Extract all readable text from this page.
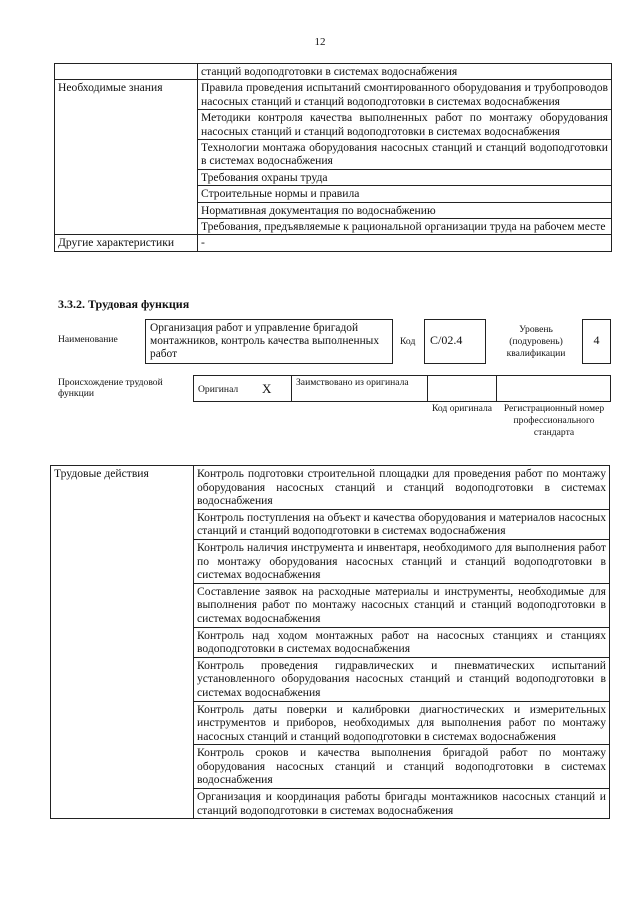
12
	станций водоподготовки в системах водоснабжения
Необходимые знания	Правила проведения испытаний смонтированного оборудования и трубопроводов насосных станций и станций водоподготовки в системах водоснабжения
	Методики контроля качества выполненных работ по монтажу оборудования насосных станций и станций водоподготовки в системах водоснабжения
	Технологии монтажа оборудования насосных станций и станций водоподготовки в системах водоснабжения
	Требования охраны труда
	Строительные нормы и правила
	Нормативная документация по водоснабжению
	Требования, предъявляемые к рациональной организации труда на рабочем месте
Другие характеристики	-
3.3.2. Трудовая функция
Наименование
Организация работ и управление бригадой монтажников, контроль качества выполненных работ
Код	С/02.4
Уровень (подуровень) квалификации
4
Происхождение трудовой функции	Оригинал X	Заимствовано из оригинала
Код оригинала	Регистрационный номер профессионального стандарта
Трудовые действия	Контроль подготовки строительной площадки для проведения работ по монтажу оборудования насосных станций и станций водоподготовки в системах водоснабжения
Контроль поступления на объект и качества оборудования и материалов насосных станций и станций водоподготовки в системах водоснабжения
Контроль наличия инструмента и инвентаря, необходимого для выполнения работ по монтажу оборудования насосных станций и станций водоподготовки в системах водоснабжения
Составление заявок на расходные материалы и инструменты, необходимые для выполнения работ по монтажу насосных станций и станций водоподготовки в системах водоснабжения
Контроль над ходом монтажных работ на насосных станциях и станциях водоподготовки в системах водоснабжения
Контроль проведения гидравлических и пневматических испытаний установленного оборудования насосных станций и станций водоподготовки в системах водоснабжения
Контроль даты поверки и калибровки диагностических и измерительных инструментов и приборов, необходимых для выполнения работ по монтажу насосных станций и станций водоподготовки в системах водоснабжения
Контроль сроков и качества выполнения бригадой работ по монтажу оборудования насосных станций и станций водоподготовки в системах водоснабжения
Организация и координация работы бригады монтажников насосных станций и станций водоподготовки в системах водоснабжения
